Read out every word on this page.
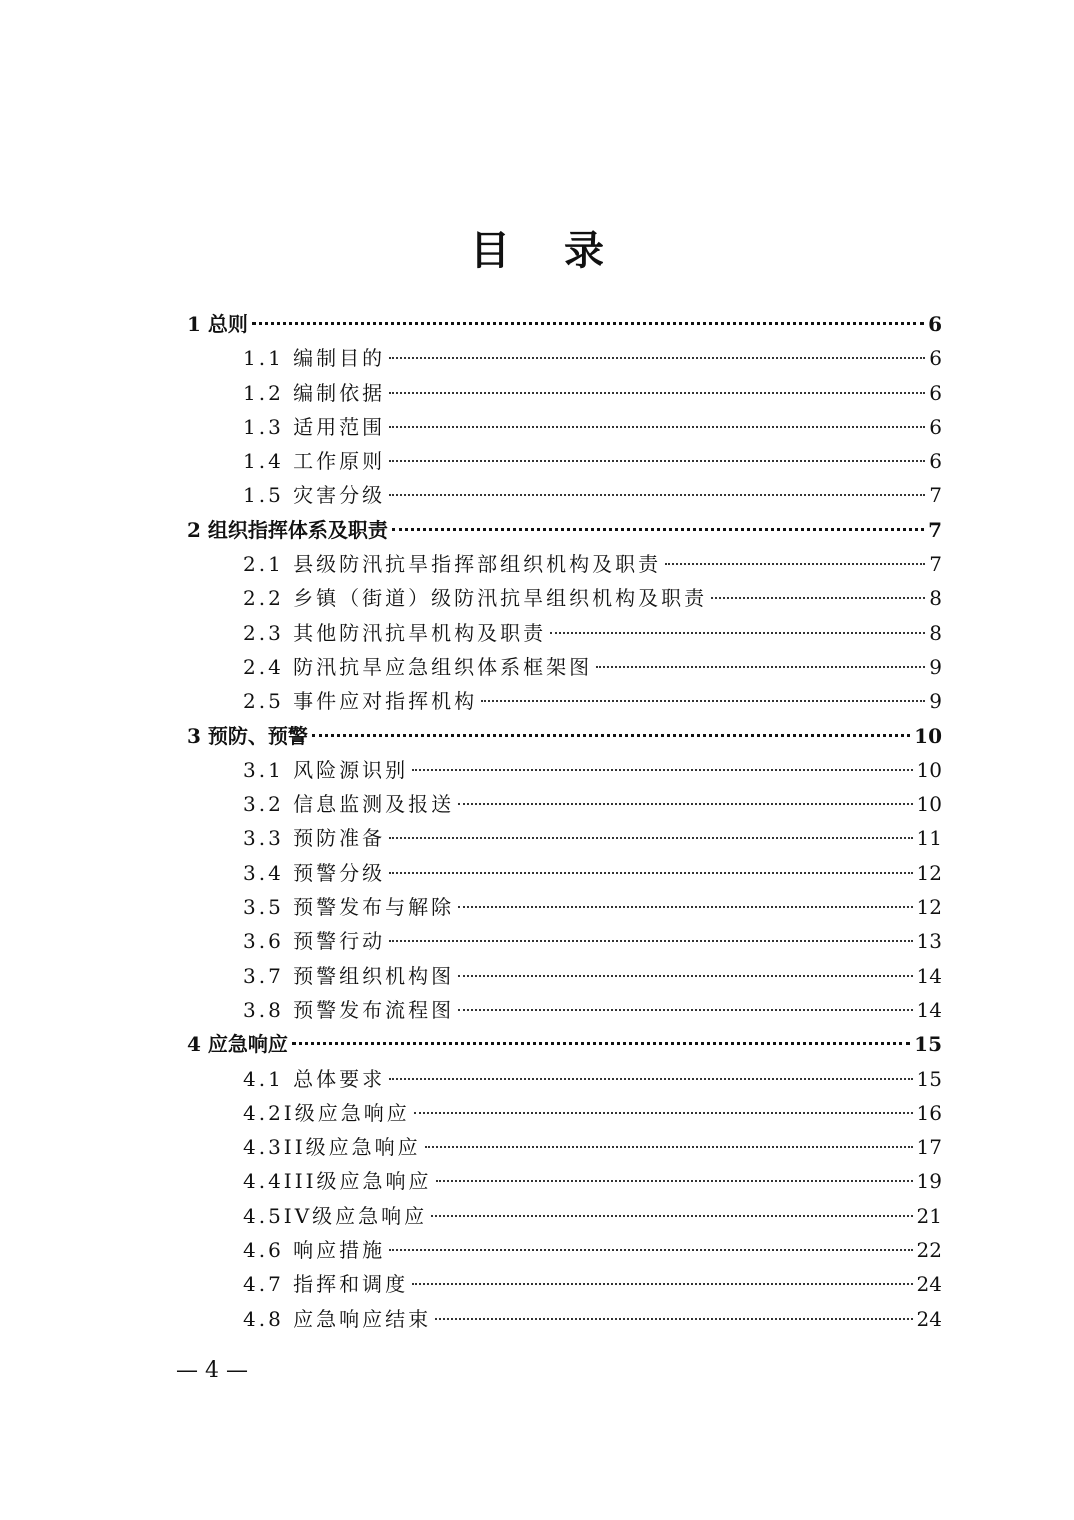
目录
1 总则	6
1.1 编制目的	6
1.2 编制依据	6
1.3 适用范围	6
1.4 工作原则	6
1.5 灾害分级	7
2 组织指挥体系及职责	7
2.1 县级防汛抗旱指挥部组织机构及职责	7
2.2 乡镇（街道）级防汛抗旱组织机构及职责	8
2.3 其他防汛抗旱机构及职责	8
2.4 防汛抗旱应急组织体系框架图	9
2.5 事件应对指挥机构	9
3 预防、预警	10
3.1 风险源识别	10
3.2 信息监测及报送	10
3.3 预防准备	11
3.4 预警分级	12
3.5 预警发布与解除	12
3.6 预警行动	13
3.7 预警组织机构图	14
3.8 预警发布流程图	14
4 应急响应	15
4.1 总体要求	15
4.2I级应急响应	16
4.3II级应急响应	17
4.4III级应急响应	19
4.5IV级应急响应	21
4.6 响应措施	22
4.7 指挥和调度	24
4.8 应急响应结束	24
— 4 —
